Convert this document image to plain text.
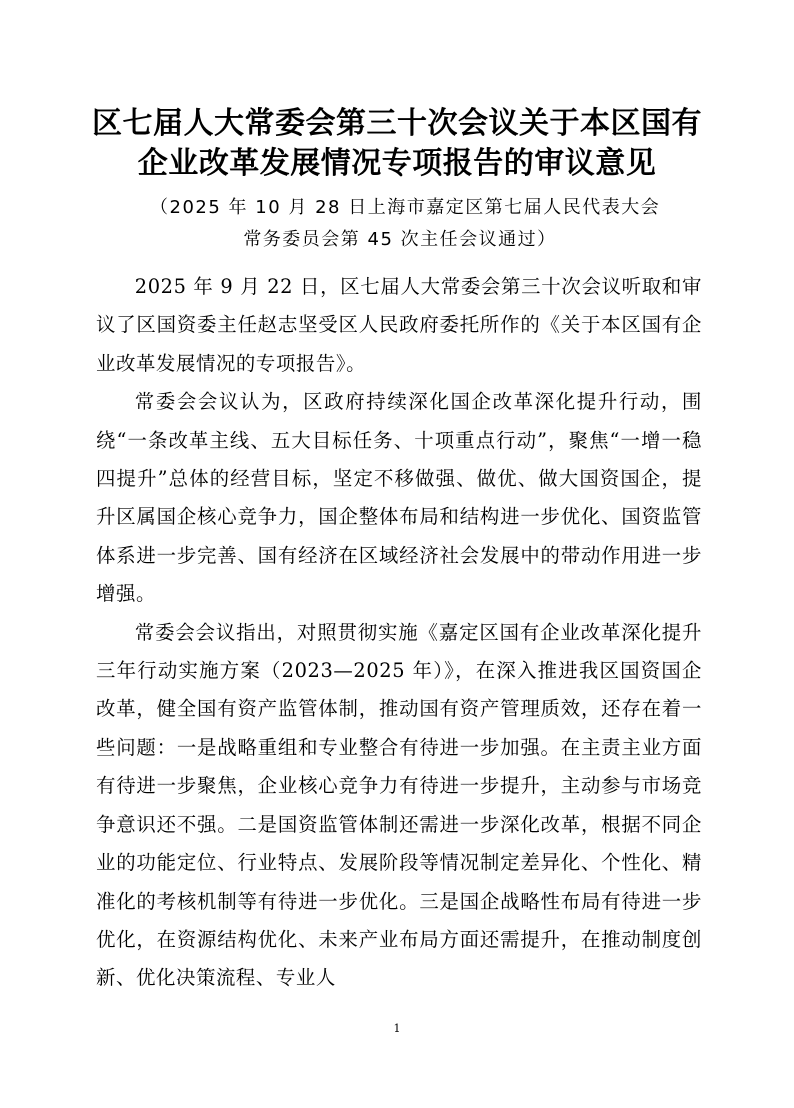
区七届人大常委会第三十次会议关于本区国有
企业改革发展情况专项报告的审议意见
（2025 年 10 月 28 日上海市嘉定区第七届人民代表大会
常务委员会第 45 次主任会议通过）

2025 年 9 月 22 日，区七届人大常委会第三十次会议听取和审议了区国资委主任赵志坚受区人民政府委托所作的《关于本区国有企业改革发展情况的专项报告》。

常委会会议认为，区政府持续深化国企改革深化提升行动，围绕“一条改革主线、五大目标任务、十项重点行动”，聚焦“一增一稳四提升”总体的经营目标，坚定不移做强、做优、做大国资国企，提升区属国企核心竞争力，国企整体布局和结构进一步优化、国资监管体系进一步完善、国有经济在区域经济社会发展中的带动作用进一步增强。

常委会会议指出，对照贯彻实施《嘉定区国有企业改革深化提升三年行动实施方案（2023—2025 年）》，在深入推进我区国资国企改革，健全国有资产监管体制，推动国有资产管理质效，还存在着一些问题：一是战略重组和专业整合有待进一步加强。在主责主业方面有待进一步聚焦，企业核心竞争力有待进一步提升，主动参与市场竞争意识还不强。二是国资监管体制还需进一步深化改革，根据不同企业的功能定位、行业特点、发展阶段等情况制定差异化、个性化、精准化的考核机制等有待进一步优化。三是国企战略性布局有待进一步优化，在资源结构优化、未来产业布局方面还需提升，在推动制度创新、优化决策流程、专业人

1
